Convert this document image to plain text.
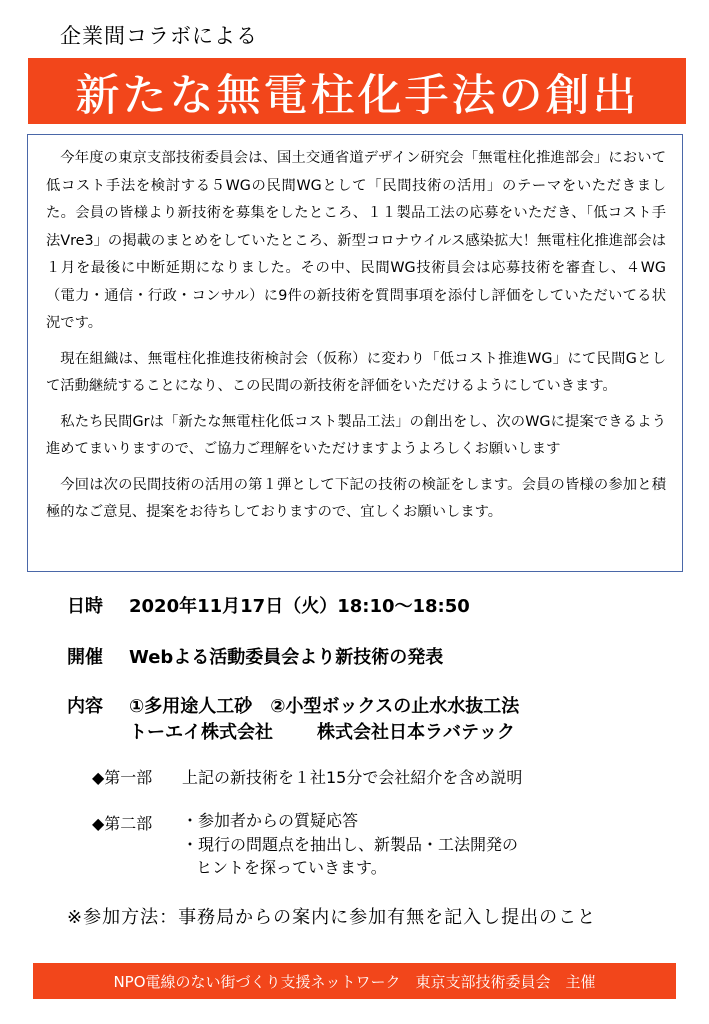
企業間コラボによる
新たな無電柱化手法の創出

今年度の東京支部技術委員会は、国土交通省道デザイン研究会「無電柱化推進部会」において低コスト手法を検討する５WGの民間WGとして「民間技術の活用」のテーマをいただきました。会員の皆様より新技術を募集をしたところ、１１製品工法の応募をいただき、「低コスト手法Vre3」の掲載のまとめをしていたところ、新型コロナウイルス感染拡大！無電柱化推進部会は１月を最後に中断延期になりました。その中、民間WG技術員会は応募技術を審査し、４WG（電力・通信・行政・コンサル）に9件の新技術を質問事項を添付し評価をしていただいてる状況です。

現在組織は、無電柱化推進技術検討会（仮称）に変わり「低コスト推進WG」にて民間Gとして活動継続することになり、この民間の新技術を評価をいただけるようにしていきます。

私たち民間Grは「新たな無電柱化低コスト製品工法」の創出をし、次のWGに提案できるよう進めてまいりますので、ご協力ご理解をいただけますようよろしくお願いします

今回は次の民間技術の活用の第１弾として下記の技術の検証をします。会員の皆様の参加と積極的なご意見、提案をお待ちしておりますので、宜しくお願いします。

日時 2020年11月17日（火）18:10～18:50
開催 Webよる活動委員会より新技術の発表
内容 ①多用途人工砂 ②小型ボックスの止水水抜工法
トーエイ株式会社 株式会社日本ラバテック
◆第一部 上記の新技術を１社15分で会社紹介を含め説明
◆第二部	・参加者からの質疑応答
・現行の問題点を抽出し、新製品・工法開発の
ヒントを探っていきます。
※参加方法：事務局からの案内に参加有無を記入し提出のこと
NPO電線のない街づくり支援ネットワーク　東京支部技術委員会　主催
